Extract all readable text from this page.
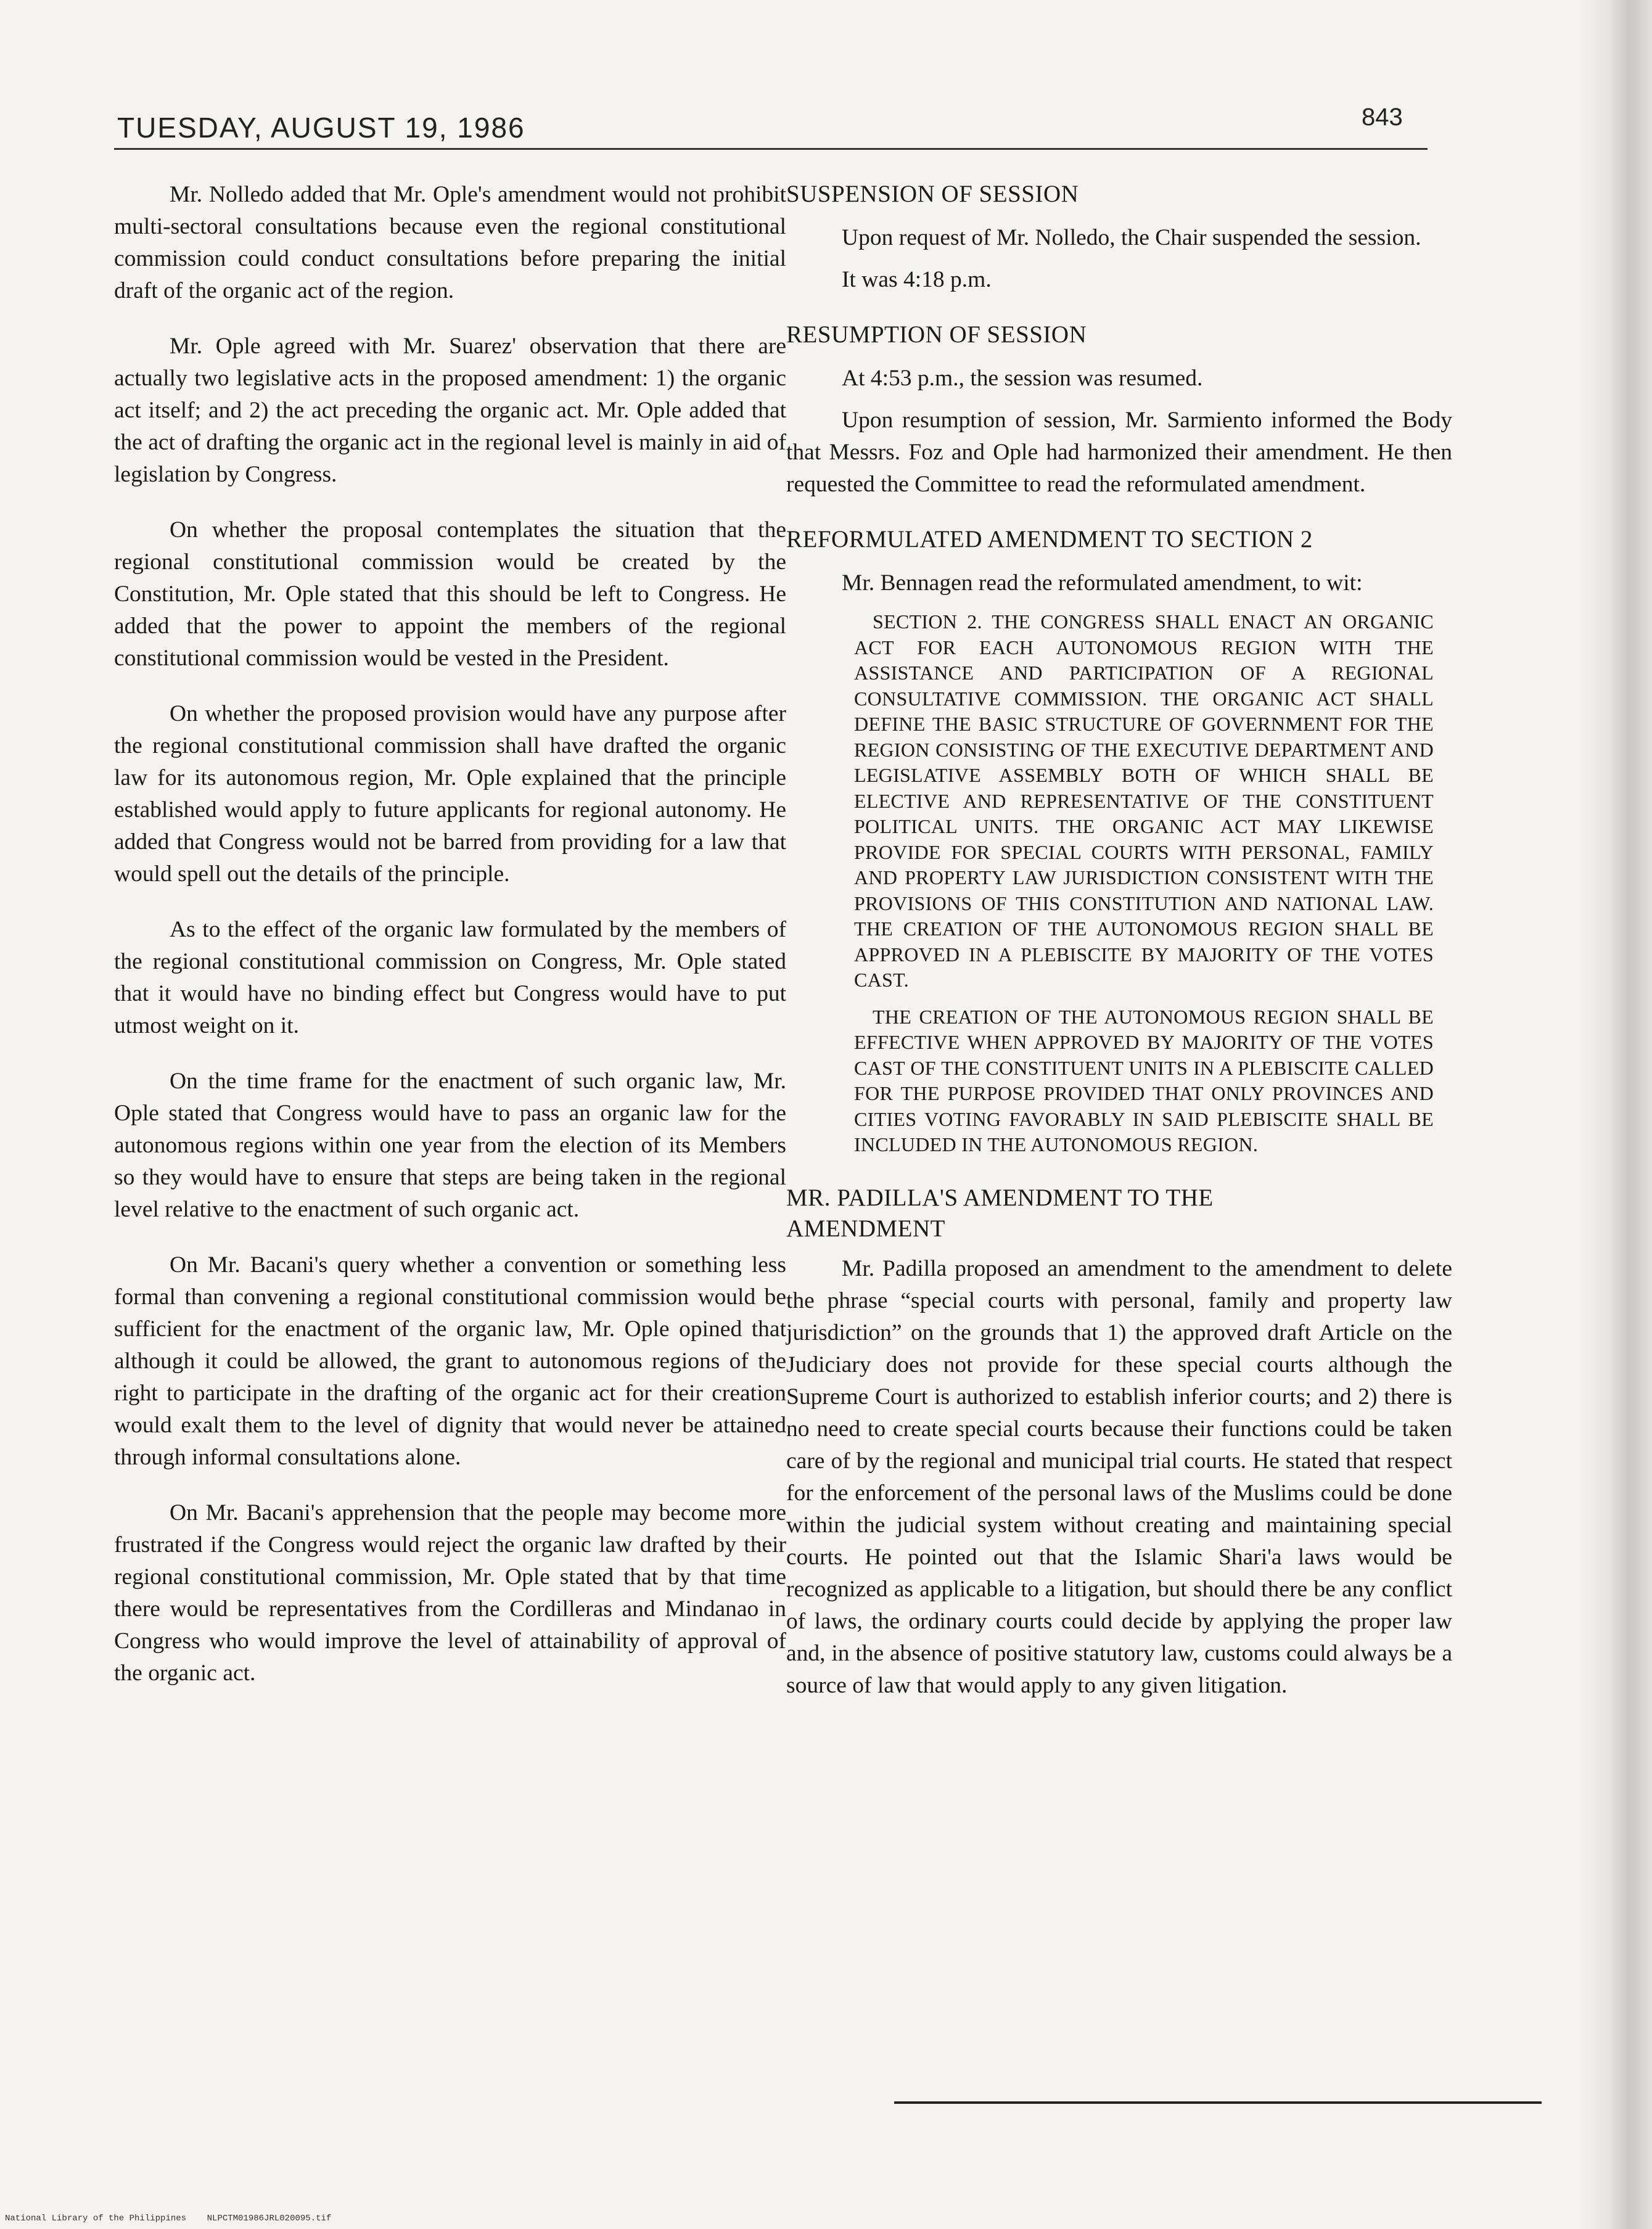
TUESDAY, AUGUST 19, 1986	843

Mr. Nolledo added that Mr. Ople's amendment would not prohibit multi-sectoral consultations because even the regional constitutional commission could conduct consultations before preparing the initial draft of the organic act of the region.

Mr. Ople agreed with Mr. Suarez' observation that there are actually two legislative acts in the proposed amendment: 1) the organic act itself; and 2) the act preceding the organic act. Mr. Ople added that the act of drafting the organic act in the regional level is mainly in aid of legislation by Congress.

On whether the proposal contemplates the situation that the regional constitutional commission would be created by the Constitution, Mr. Ople stated that this should be left to Congress. He added that the power to appoint the members of the regional constitutional commission would be vested in the President.

On whether the proposed provision would have any purpose after the regional constitutional commission shall have drafted the organic law for its autonomous region, Mr. Ople explained that the principle established would apply to future applicants for regional autonomy. He added that Congress would not be barred from providing for a law that would spell out the details of the principle.

As to the effect of the organic law formulated by the members of the regional constitutional commission on Congress, Mr. Ople stated that it would have no binding effect but Congress would have to put utmost weight on it.

On the time frame for the enactment of such organic law, Mr. Ople stated that Congress would have to pass an organic law for the autonomous regions within one year from the election of its Members so they would have to ensure that steps are being taken in the regional level relative to the enactment of such organic act.

On Mr. Bacani's query whether a convention or something less formal than convening a regional constitutional commission would be sufficient for the enactment of the organic law, Mr. Ople opined that although it could be allowed, the grant to autonomous regions of the right to participate in the drafting of the organic act for their creation would exalt them to the level of dignity that would never be attained through informal consultations alone.

On Mr. Bacani's apprehension that the people may become more frustrated if the Congress would reject the organic law drafted by their regional constitutional commission, Mr. Ople stated that by that time there would be representatives from the Cordilleras and Mindanao in Congress who would improve the level of attainability of approval of the organic act.

SUSPENSION OF SESSION

Upon request of Mr. Nolledo, the Chair suspended the session.

It was 4:18 p.m.

RESUMPTION OF SESSION

At 4:53 p.m., the session was resumed.

Upon resumption of session, Mr. Sarmiento informed the Body that Messrs. Foz and Ople had harmonized their amendment. He then requested the Committee to read the reformulated amendment.

REFORMULATED AMENDMENT TO SECTION 2

Mr. Bennagen read the reformulated amendment, to wit:

SECTION 2. THE CONGRESS SHALL ENACT AN ORGANIC ACT FOR EACH AUTONOMOUS REGION WITH THE ASSISTANCE AND PARTICIPATION OF A REGIONAL CONSULTATIVE COMMISSION. THE ORGANIC ACT SHALL DEFINE THE BASIC STRUCTURE OF GOVERNMENT FOR THE REGION CONSISTING OF THE EXECUTIVE DEPARTMENT AND LEGISLATIVE ASSEMBLY BOTH OF WHICH SHALL BE ELECTIVE AND REPRESENTATIVE OF THE CONSTITUENT POLITICAL UNITS. THE ORGANIC ACT MAY LIKEWISE PROVIDE FOR SPECIAL COURTS WITH PERSONAL, FAMILY AND PROPERTY LAW JURISDICTION CONSISTENT WITH THE PROVISIONS OF THIS CONSTITUTION AND NATIONAL LAW. THE CREATION OF THE AUTONOMOUS REGION SHALL BE APPROVED IN A PLEBISCITE BY MAJORITY OF THE VOTES CAST.

THE CREATION OF THE AUTONOMOUS REGION SHALL BE EFFECTIVE WHEN APPROVED BY MAJORITY OF THE VOTES CAST OF THE CONSTITUENT UNITS IN A PLEBISCITE CALLED FOR THE PURPOSE PROVIDED THAT ONLY PROVINCES AND CITIES VOTING FAVORABLY IN SAID PLEBISCITE SHALL BE INCLUDED IN THE AUTONOMOUS REGION.

MR. PADILLA'S AMENDMENT TO THE
AMENDMENT

Mr. Padilla proposed an amendment to the amendment to delete the phrase “special courts with personal, family and property law jurisdiction” on the grounds that 1) the approved draft Article on the Judiciary does not provide for these special courts although the Supreme Court is authorized to establish inferior courts; and 2) there is no need to create special courts because their functions could be taken care of by the regional and municipal trial courts. He stated that respect for the enforcement of the personal laws of the Muslims could be done within the judicial system without creating and maintaining special courts. He pointed out that the Islamic Shari'a laws would be recognized as applicable to a litigation, but should there be any conflict of laws, the ordinary courts could decide by applying the proper law and, in the absence of positive statutory law, customs could always be a source of law that would apply to any given litigation.

National Library of the Philippines    NLPCTM01986JRL020095.tif
